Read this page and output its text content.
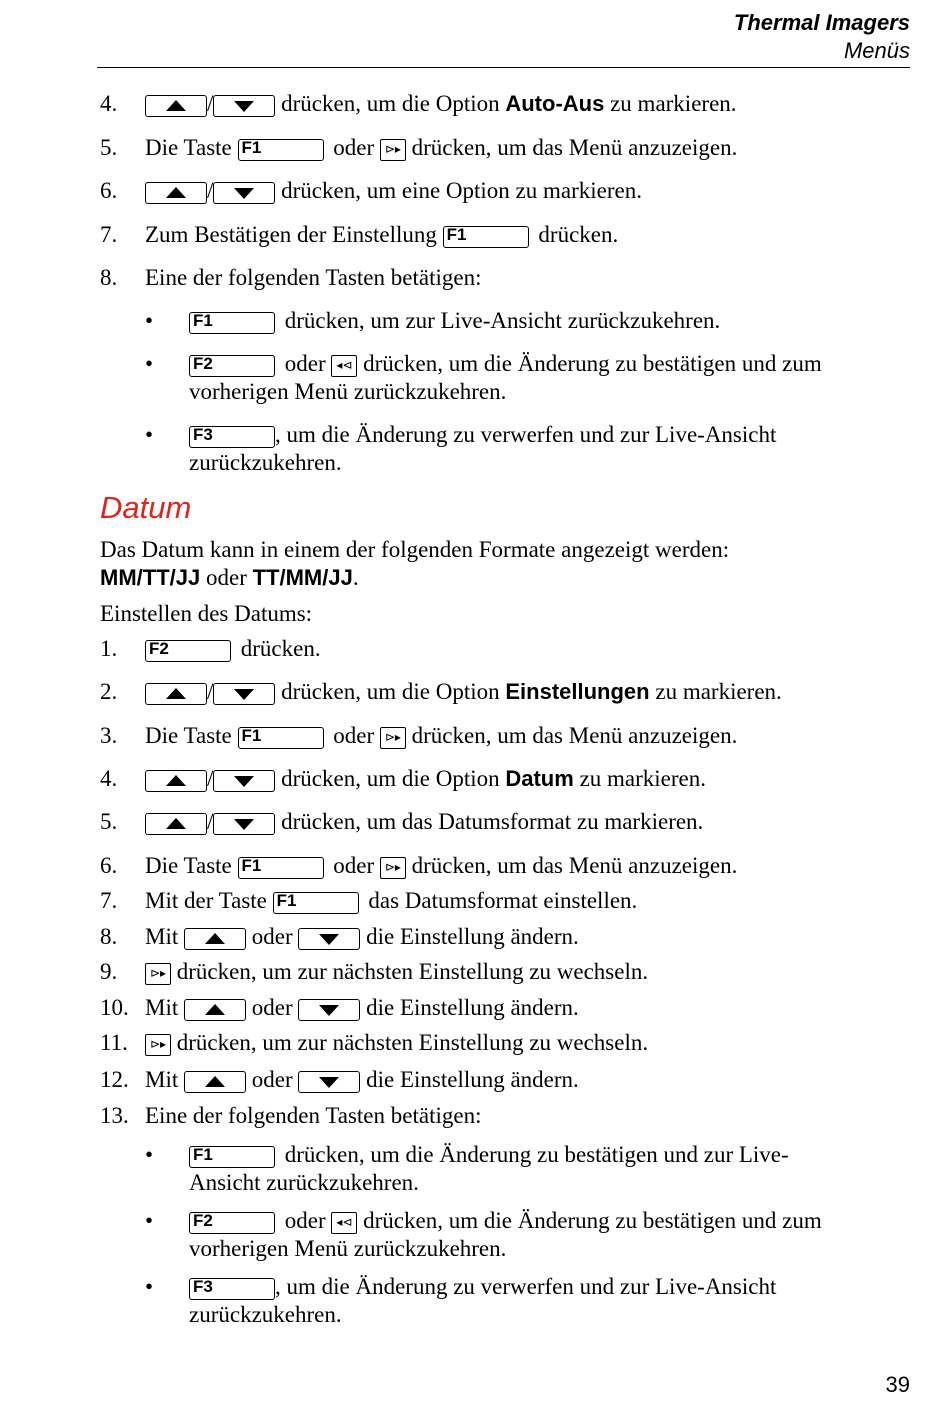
Thermal Imagers
Menüs
4.	/	drücken, um die Option Auto-Aus zu markieren.
5. Die Taste F1	oder ⊳▸ drücken, um das Menü anzuzeigen.
6.	/	drücken, um eine Option zu markieren.
7. Zum Bestätigen der Einstellung F1	drücken.
8. Eine der folgenden Tasten betätigen:
• F1	drücken, um zur Live-Ansicht zurückzukehren.
• F2	oder ◂⊲ drücken, um die Änderung zu bestätigen und zum
vorherigen Menü zurückzukehren.
• F3	, um die Änderung zu verwerfen und zur Live-Ansicht
zurückzukehren.
Datum
Das Datum kann in einem der folgenden Formate angezeigt werden:
MM/TT/JJ oder TT/MM/JJ.
Einstellen des Datums:
1. F2	drücken.
2.	/	drücken, um die Option Einstellungen zu markieren.
3. Die Taste F1	oder ⊳▸ drücken, um das Menü anzuzeigen.
4.	/	drücken, um die Option Datum zu markieren.
5.	/	drücken, um das Datumsformat zu markieren.
6. Die Taste F1	oder ⊳▸ drücken, um das Menü anzuzeigen.
7. Mit der Taste F1	das Datumsformat einstellen.
8. Mit	oder	die Einstellung ändern.
9.	⊳▸ drücken, um zur nächsten Einstellung zu wechseln.
10. Mit	oder	die Einstellung ändern.
11.	⊳▸ drücken, um zur nächsten Einstellung zu wechseln.
12. Mit	oder	die Einstellung ändern.
13. Eine der folgenden Tasten betätigen:
• F1	drücken, um die Änderung zu bestätigen und zur Live-
Ansicht zurückzukehren.
• F2	oder ◂⊲ drücken, um die Änderung zu bestätigen und zum
vorherigen Menü zurückzukehren.
• F3	, um die Änderung zu verwerfen und zur Live-Ansicht
zurückzukehren.
39
